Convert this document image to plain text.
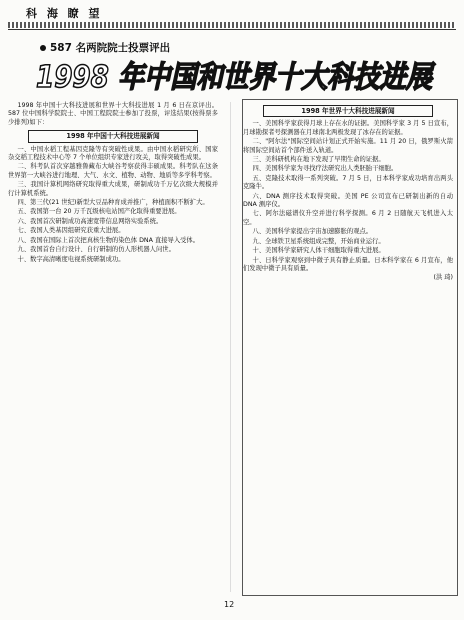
科 海 瞭 望
587 名两院院士投票评出
1998 年中国和世界十大科技进展

1998 年中国十大科技进展和世界十大科技进展 1 月 6 日在京评出。587 位中国科学院院士、中国工程院院士参加了投票，评选结果(按得票多少排列)如下：

1998 年中国十大科技进展新闻

一、中国水稻工程基因克隆等有突破性成果。由中国水稻研究所、国家杂交稻工程技术中心等 7 个单位组织专家进行攻关，取得突破性成果。

二、科考队首次穿越雅鲁藏布大峡谷考察获得丰硕成果。科考队在这条世界第一大峡谷进行地理、大气、水文、植物、动物、地质等多学科考察。

三、我国计算机网络研究取得重大成果，研制成功千万亿次级大规模并行计算机系统。

四、第三代(21 世纪)新型大豆品种育成并推广，种植面积不断扩大。

五、我国第一台 20 万千瓦级核电站国产化取得重要进展。

六、我国首次研制成功高速宽带信息网络实验系统。

七、我国人类基因组研究获重大进展。

八、我国在国际上首次把真核生物的染色体 DNA 直接导入受体。

九、我国首台自行设计、自行研制的仿人形机器人问世。

十、数字高清晰度电视系统研制成功。

1998 年世界十大科技进展新闻

一、美国科学家获得月球上存在水的证据。美国科学家 3 月 5 日宣布，月球勘探者号探测器在月球南北两极发现了冰存在的证据。

二、"阿尔法"国际空间站计划正式开始实施。11 月 20 日，俄罗斯火箭将国际空间站首个部件送入轨道。

三、美科研机构在地下发现了早期生命的证据。

四、美国科学家为寻找疗法研究出人类胚胎干细胞。

五、克隆技术取得一系列突破。7 月 5 日，日本科学家成功培育出两头克隆牛。

六、DNA 测序技术取得突破。美国 PE 公司宣布已研制出新的自动 DNA 测序仪。

七、阿尔法磁谱仪升空并进行科学探测。6 月 2 日随航天飞机进入太空。

八、美国科学家提出宇宙加速膨胀的观点。

九、全球铁卫星系统组成完整，开始商业运行。

十、美国科学家研究人体干细胞取得重大进展。

十、日科学家观察到中微子具有静止质量。日本科学家在 6 月宣布，他们发现中微子具有质量。

(洪 琦)

12
